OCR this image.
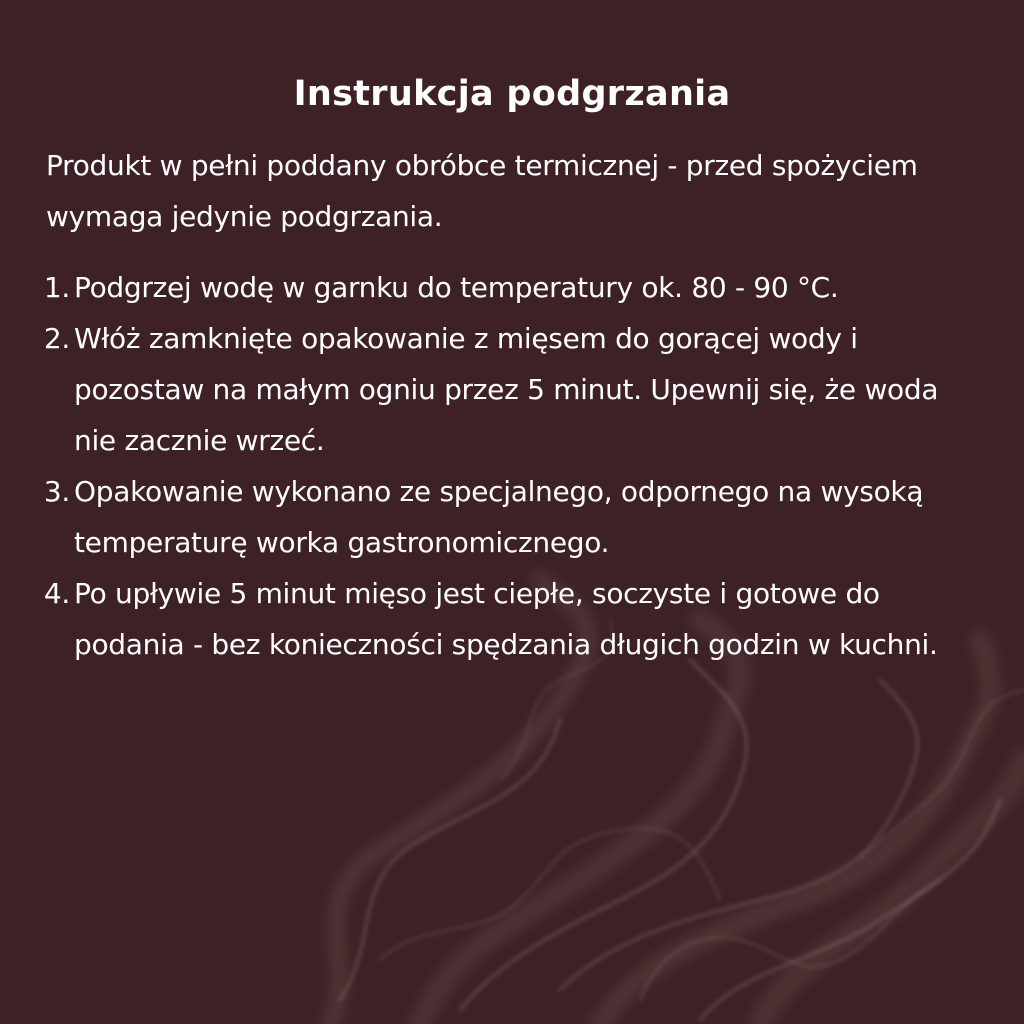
Instrukcja podgrzania
Produkt w pełni poddany obróbce termicznej - przed spożyciem wymaga jedynie podgrzania.
1. Podgrzej wodę w garnku do temperatury ok. 80 - 90 °C.
2. Włóż zamknięte opakowanie z mięsem do gorącej wody i pozostaw na małym ogniu przez 5 minut. Upewnij się, że woda nie zacznie wrzeć.
3. Opakowanie wykonano ze specjalnego, odpornego na wysoką temperaturę worka gastronomicznego.
4. Po upływie 5 minut mięso jest ciepłe, soczyste i gotowe do podania - bez konieczności spędzania długich godzin w kuchni.
